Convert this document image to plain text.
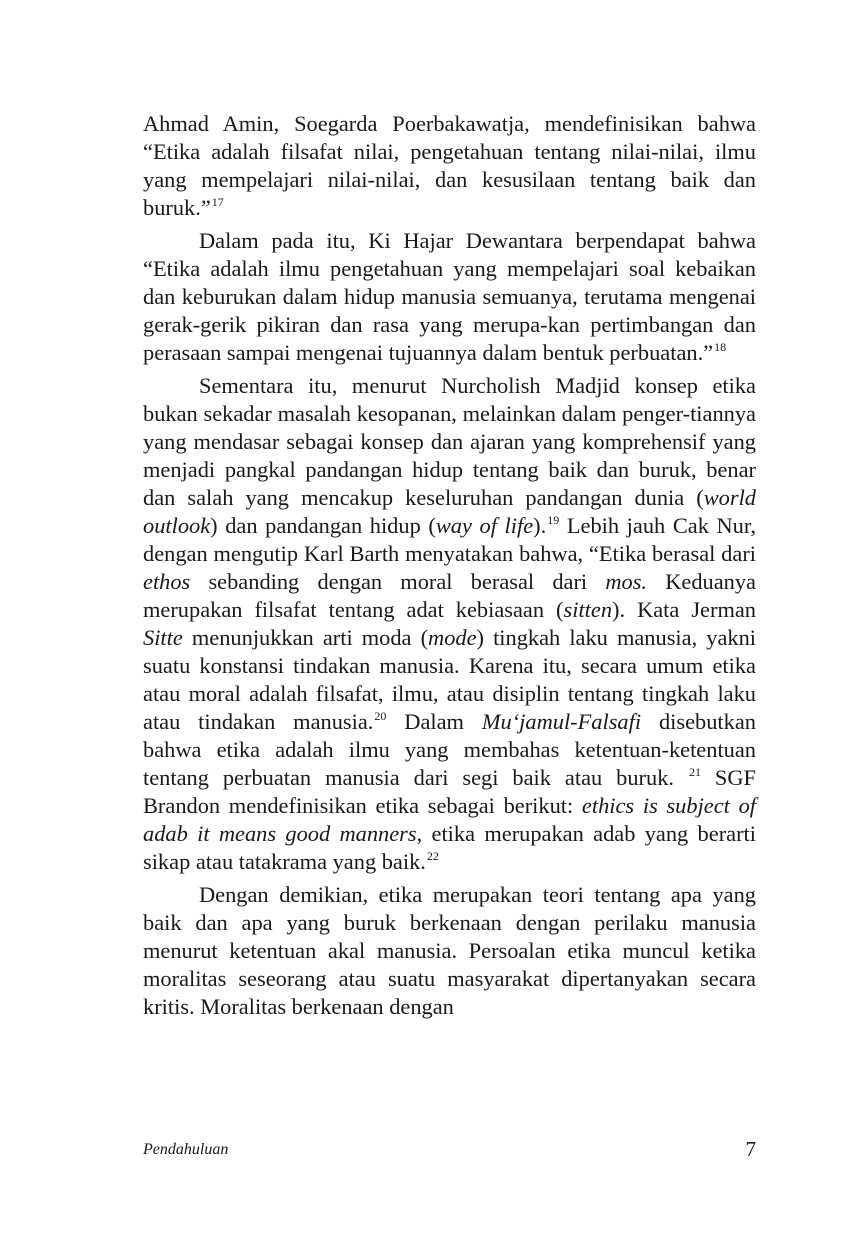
Ahmad Amin, Soegarda Poerbakawatja, mendefinisikan bahwa “Etika adalah filsafat nilai, pengetahuan tentang nilai-nilai, ilmu yang mempelajari nilai-nilai, dan kesusilaan tentang baik dan buruk.”$^{17}$

Dalam pada itu, Ki Hajar Dewantara berpendapat bahwa “Etika adalah ilmu pengetahuan yang mempelajari soal kebaikan dan keburukan dalam hidup manusia semuanya, terutama mengenai gerak-gerik pikiran dan rasa yang merupa-kan pertimbangan dan perasaan sampai mengenai tujuannya dalam bentuk perbuatan.”$^{18}$

Sementara itu, menurut Nurcholish Madjid konsep etika bukan sekadar masalah kesopanan, melainkan dalam penger-tiannya yang mendasar sebagai konsep dan ajaran yang komprehensif yang menjadi pangkal pandangan hidup tentang baik dan buruk, benar dan salah yang mencakup keseluruhan pandangan dunia (world outlook) dan pandangan hidup (way of life).$^{19}$ Lebih jauh Cak Nur, dengan mengutip Karl Barth menyatakan bahwa, “Etika berasal dari ethos sebanding dengan moral berasal dari mos. Keduanya merupakan filsafat tentang adat kebiasaan (sitten). Kata Jerman Sitte menunjukkan arti moda (mode) tingkah laku manusia, yakni suatu konstansi tindakan manusia. Karena itu, secara umum etika atau moral adalah filsafat, ilmu, atau disiplin tentang tingkah laku atau tindakan manusia.$^{20}$ Dalam Mu‘jamul-Falsafi disebutkan bahwa etika adalah ilmu yang membahas ketentuan-ketentuan tentang perbuatan manusia dari segi baik atau buruk. $^{21}$ SGF Brandon mendefinisikan etika sebagai berikut: ethics is subject of adab it means good manners, etika merupakan adab yang berarti sikap atau tatakrama yang baik.$^{22}$

Dengan demikian, etika merupakan teori tentang apa yang baik dan apa yang buruk berkenaan dengan perilaku manusia menurut ketentuan akal manusia. Persoalan etika muncul ketika moralitas seseorang atau suatu masyarakat dipertanyakan secara kritis. Moralitas berkenaan dengan

Pendahuluan	7
